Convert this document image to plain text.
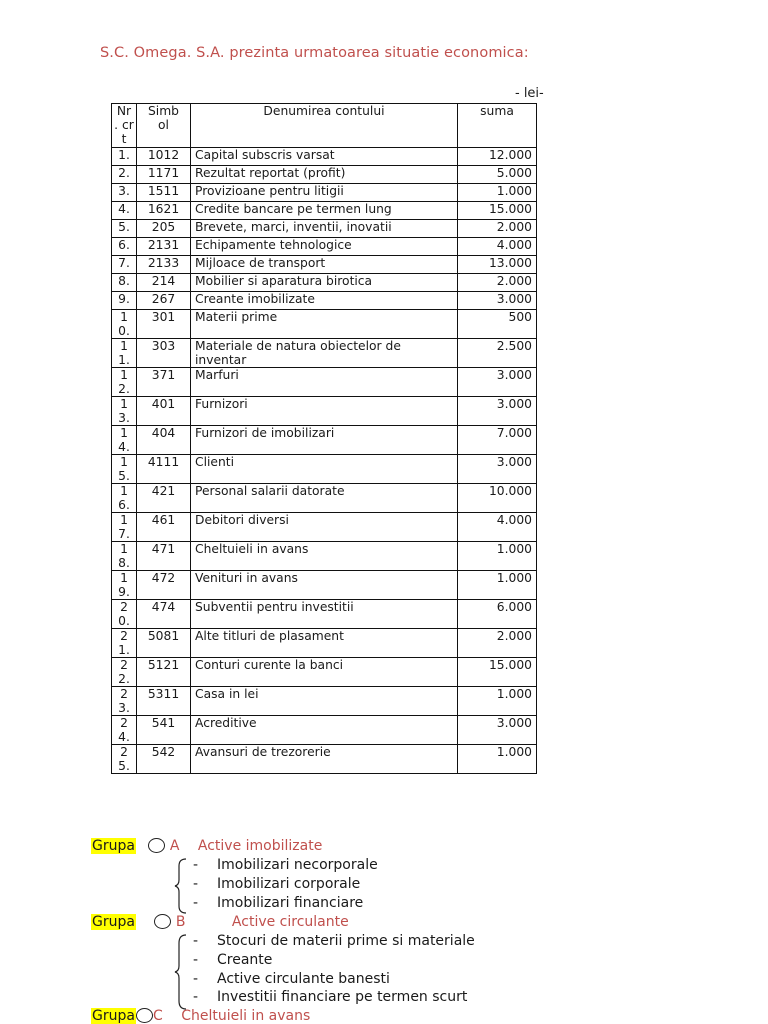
S.C. Omega. S.A. prezinta urmatoarea situatie economica:
- lei-
Nr . crt	Simb ol	Denumirea contului	suma

1.	1012	Capital subscris varsat	12.000

2.	1171	Rezultat reportat (profit)	5.000

3.	1511	Provizioane pentru litigii	1.000

4.	1621	Credite bancare pe termen lung	15.000

5.	205	Brevete, marci, inventii, inovatii	2.000

6.	2131	Echipamente tehnologice	4.000

7.	2133	Mijloace de transport	13.000

8.	214	Mobilier si aparatura birotica	2.000

9.	267	Creante imobilizate	3.000

10.	301	Materii prime	500

11.	303	Materiale de natura obiectelor de inventar	2.500

12.	371	Marfuri	3.000

13.	401	Furnizori	3.000

14.	404	Furnizori de imobilizari	7.000

15.	4111	Clienti	3.000

16.	421	Personal salarii datorate	10.000

17.	461	Debitori diversi	4.000

18.	471	Cheltuieli in avans	1.000

19.	472	Venituri in avans	1.000

20.	474	Subventii pentru investitii	6.000

21.	5081	Alte titluri de plasament	2.000

22.	5121	Conturi curente la banci	15.000

23.	5311	Casa in lei	1.000

24.	541	Acreditive	3.000

25.	542	Avansuri de trezorerie	1.000
Grupa A Active imobilizate
-	Imobilizari necorporale
-	Imobilizari corporale
-	Imobilizari financiare
Grupa	B	Active circulante
-	Stocuri de materii prime si materiale
-	Creante
-	Active circulante banesti
-	Investitii financiare pe termen scurt
Grupa C Cheltuieli in avans
